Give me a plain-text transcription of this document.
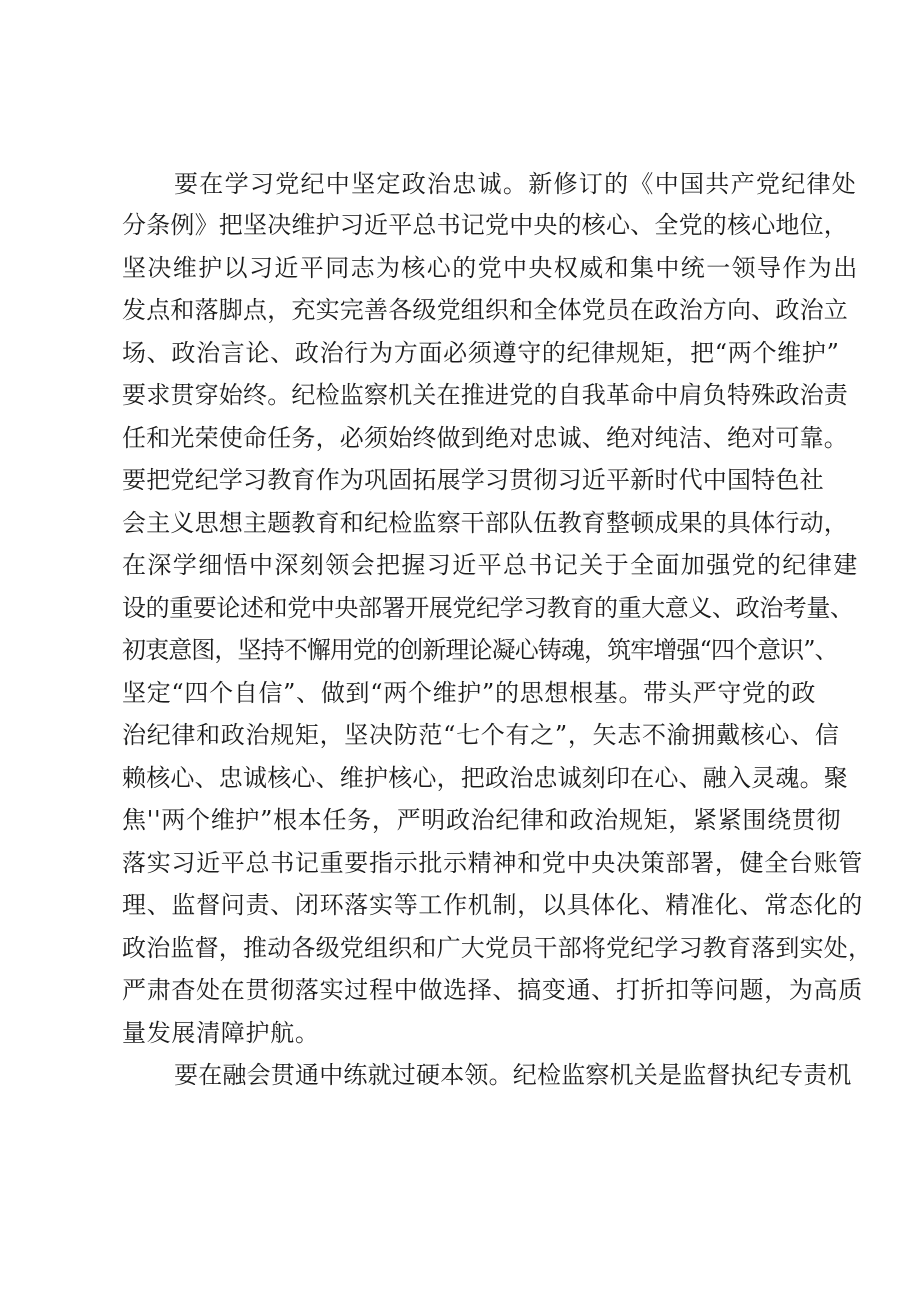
要在学习党纪中坚定政治忠诚。新修订的《中国共产党纪律处
分条例》把坚决维护习近平总书记党中央的核心、全党的核心地位，
坚决维护以习近平同志为核心的党中央权威和集中统一领导作为出
发点和落脚点，充实完善各级党组织和全体党员在政治方向、政治立
场、政治言论、政治行为方面必须遵守的纪律规矩，把“两个维护”
要求贯穿始终。纪检监察机关在推进党的自我革命中肩负特殊政治责
任和光荣使命任务，必须始终做到绝对忠诚、绝对纯洁、绝对可靠。
要把党纪学习教育作为巩固拓展学习贯彻习近平新时代中国特色社
会主义思想主题教育和纪检监察干部队伍教育整顿成果的具体行动，
在深学细悟中深刻领会把握习近平总书记关于全面加强党的纪律建
设的重要论述和党中央部署开展党纪学习教育的重大意义、政治考量、
初衷意图，坚持不懈用党的创新理论凝心铸魂，筑牢增强“四个意识”、
坚定“四个自信”、做到“两个维护”的思想根基。带头严守党的政
治纪律和政治规矩，坚决防范“七个有之”，矢志不渝拥戴核心、信
赖核心、忠诚核心、维护核心，把政治忠诚刻印在心、融入灵魂。聚
焦''两个维护”根本任务，严明政治纪律和政治规矩，紧紧围绕贯彻
落实习近平总书记重要指示批示精神和党中央决策部署，健全台账管
理、监督问责、闭环落实等工作机制，以具体化、精准化、常态化的
政治监督，推动各级党组织和广大党员干部将党纪学习教育落到实处，
严肃杳处在贯彻落实过程中做选择、搞变通、打折扣等问题，为高质
量发展清障护航。
要在融会贯通中练就过硬本领。纪检监察机关是监督执纪专责机
